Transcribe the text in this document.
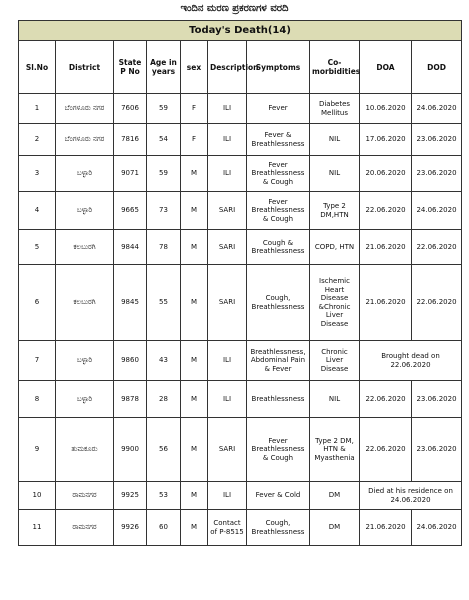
ಇಂದಿನ ಮರಣ ಪ್ರಕರಣಗಳ ವರದಿ
Today's Death(14)									
Sl.No	District	State P No	Age in years	sex	Description	Symptoms	Co-morbidities	DOA	DOD
1	ಬೆಂಗಳೂರು ನಗರ	7606	59	F	ILI	Fever	Diabetes Mellitus	10.06.2020	24.06.2020
2	ಬೆಂಗಳೂರು ನಗರ	7816	54	F	ILI	Fever & Breathlessness	NIL	17.06.2020	23.06.2020
3	ಬಳ್ಳಾರಿ	9071	59	M	ILI	Fever Breathlessness & Cough	NIL	20.06.2020	23.06.2020
4	ಬಳ್ಳಾರಿ	9665	73	M	SARI	Fever Breathlessness & Cough	Type 2 DM,HTN	22.06.2020	24.06.2020
5	ಕಲಬುರಗಿ	9844	78	M	SARI	Cough & Breathlessness	COPD, HTN	21.06.2020	22.06.2020
6	ಕಲಬುರಗಿ	9845	55	M	SARI	Cough, Breathlessness	Ischemic Heart Disease &Chronic Liver Disease	21.06.2020	22.06.2020
7	ಬಳ್ಳಾರಿ	9860	43	M	ILI	Breathlessness, Abdominal Pain & Fever	Chronic Liver Disease	Brought dead on 22.06.2020	
8	ಬಳ್ಳಾರಿ	9878	28	M	ILI	Breathlessness	NIL	22.06.2020	23.06.2020
9	ತುಮಕೂರು	9900	56	M	SARI	Fever Breathlessness & Cough	Type 2 DM, HTN & Myasthenia	22.06.2020	23.06.2020
10	ರಾಮನಗರ	9925	53	M	ILI	Fever & Cold	DM	Died at his residence on 24.06.2020	
11	ರಾಮನಗರ	9926	60	M	Contact of P-8515	Cough, Breathlessness	DM	21.06.2020	24.06.2020
